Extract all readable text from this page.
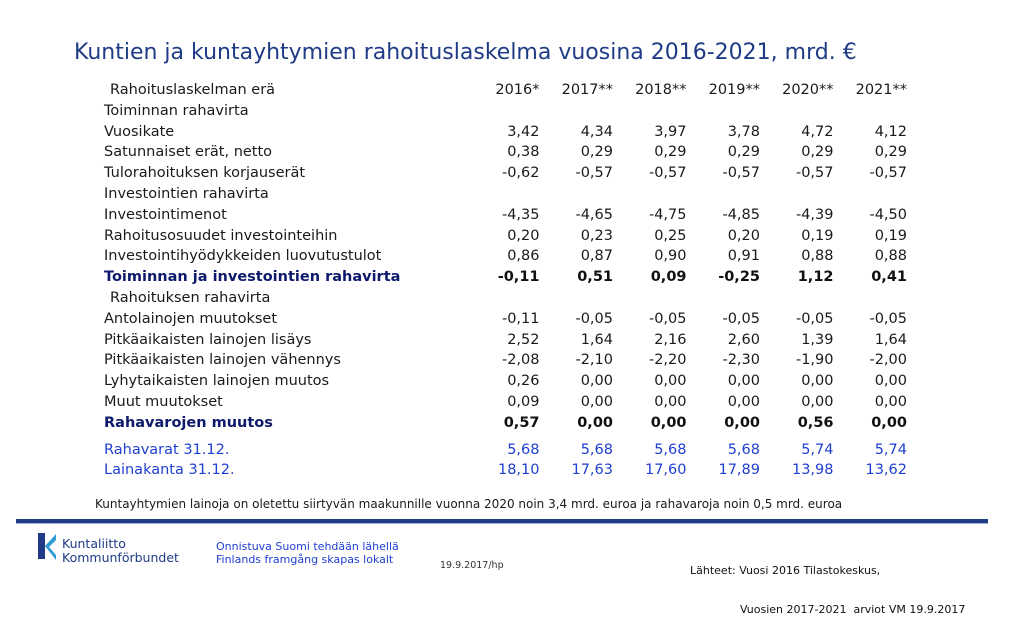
Kuntien ja kuntayhtymien rahoituslaskelma vuosina 2016-2021, mrd. €
Rahoituslaskelman erä	2016*	2017**	2018**	2019**	2020**	2021**
Toiminnan rahavirta						
Vuosikate	3,42	4,34	3,97	3,78	4,72	4,12
Satunnaiset erät, netto	0,38	0,29	0,29	0,29	0,29	0,29
Tulorahoituksen korjauserät	-0,62	-0,57	-0,57	-0,57	-0,57	-0,57
Investointien rahavirta						
Investointimenot	-4,35	-4,65	-4,75	-4,85	-4,39	-4,50
Rahoitusosuudet investointeihin	0,20	0,23	0,25	0,20	0,19	0,19
Investointihyödykkeiden luovutustulot	0,86	0,87	0,90	0,91	0,88	0,88
Toiminnan ja investointien rahavirta	-0,11	0,51	0,09	-0,25	1,12	0,41
Rahoituksen rahavirta						
Antolainojen muutokset	-0,11	-0,05	-0,05	-0,05	-0,05	-0,05
Pitkäaikaisten lainojen lisäys	2,52	1,64	2,16	2,60	1,39	1,64
Pitkäaikaisten lainojen vähennys	-2,08	-2,10	-2,20	-2,30	-1,90	-2,00
Lyhytaikaisten lainojen muutos	0,26	0,00	0,00	0,00	0,00	0,00
Muut muutokset	0,09	0,00	0,00	0,00	0,00	0,00
Rahavarojen muutos	0,57	0,00	0,00	0,00	0,56	0,00
Rahavarat 31.12.	5,68	5,68	5,68	5,68	5,74	5,74
Lainakanta 31.12.	18,10	17,63	17,60	17,89	13,98	13,62
Kuntayhtymien lainoja on oletettu siirtyvän maakunnille vuonna 2020 noin 3,4 mrd. euroa ja rahavaroja noin 0,5 mrd. euroa
Kuntaliitto
Kommunförbundet
Onnistuva Suomi tehdään lähellä
Finlands framgång skapas lokalt	19.9.2017/hp

	Lähteet: Vuosi 2016 Tilastokeskus,

Vuosien 2017-2021  arviot VM 19.9.2017
